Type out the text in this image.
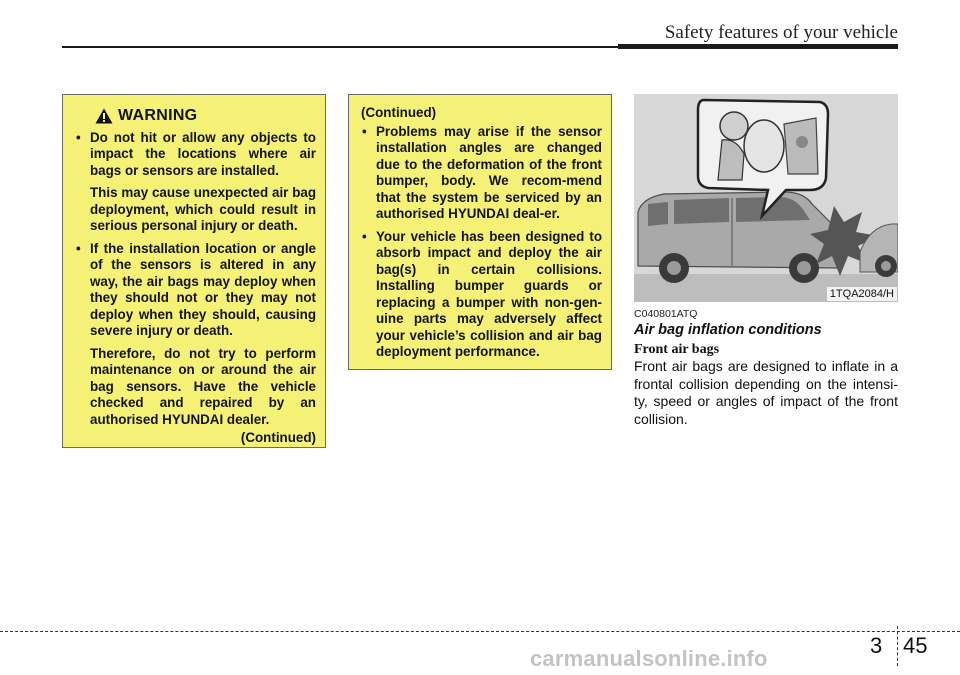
Safety features of your vehicle
WARNING
• Do not hit or allow any objects to impact the locations where air bags or sensors are installed.
This may cause unexpected air bag deployment, which could result in serious personal injury or death.
• If the installation location or angle of the sensors is altered in any way, the air bags may deploy when they should not or they may not deploy when they should, causing severe injury or death.
Therefore, do not try to perform maintenance on or around the air bag sensors. Have the vehicle checked and repaired by an authorised HYUNDAI dealer.
(Continued)
(Continued)
• Problems may arise if the sensor installation angles are changed due to the deformation of the front bumper, body. We recom-mend that the system be serviced by an authorised HYUNDAI deal-er.
• Your vehicle has been designed to absorb impact and deploy the air bag(s) in certain collisions. Installing bumper guards or replacing a bumper with non-gen-uine parts may adversely affect your vehicle’s collision and air bag deployment performance.
1TQA2084/H
C040801ATQ
Air bag inflation conditions
Front air bags
Front air bags are designed to inflate in a frontal collision depending on the intensi-ty, speed or angles of impact of the front collision.
3 45
carmanualsonline.info
